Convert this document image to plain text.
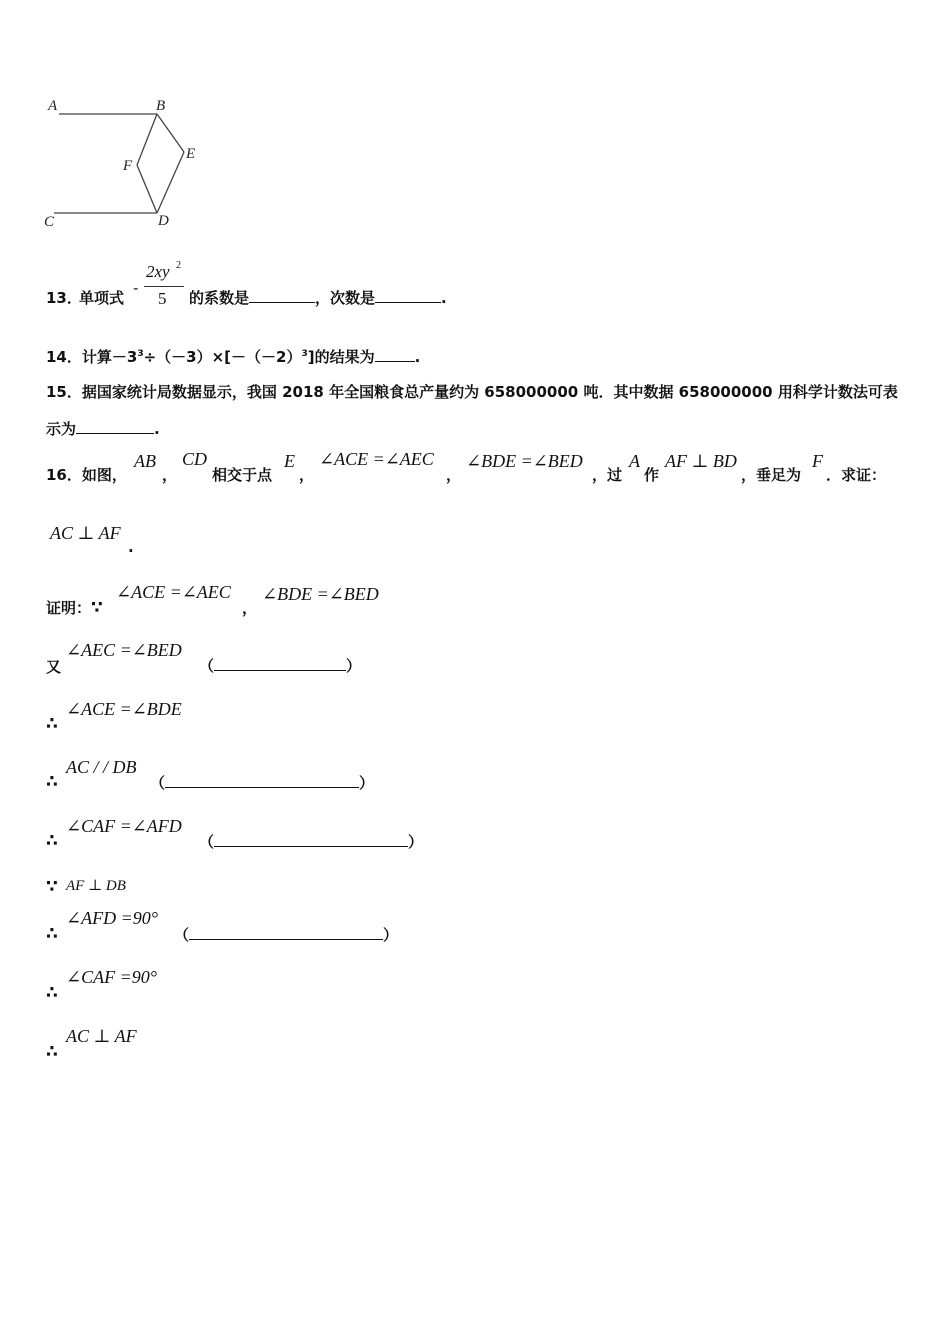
A	B
C	D
E
F
13．
单项式
-
2xy 2
5 的系数是	，次数是	.
14．计算$-3^3\div(-3)\times[-(-2)^3]$的结果为	.
15．据国家统计局数据显示，我国 2018 年全国粮食总产量约为 658000000 吨．其中数据 658000000 用科学计数法可表
示为	.
16．如图，
AB
，
CD
相交于点
E
，
∠ACE =∠AEC
，
∠BDE =∠BED
，过
A
作
AF ⊥ BD
，垂足为
F
．求证：
AC ⊥ AF
.
证明：∵
∠ACE =∠AEC
，
∠BDE =∠BED
又
∠AEC =∠BED
（	）
∴
∠ACE =∠BDE
∴
AC / / DB
（	）
∴
∠CAF =∠AFD
（	）
∵ AF ⊥ DB
∴
∠AFD =90°
（	）
∴
∠CAF =90°
∴
AC ⊥ AF
